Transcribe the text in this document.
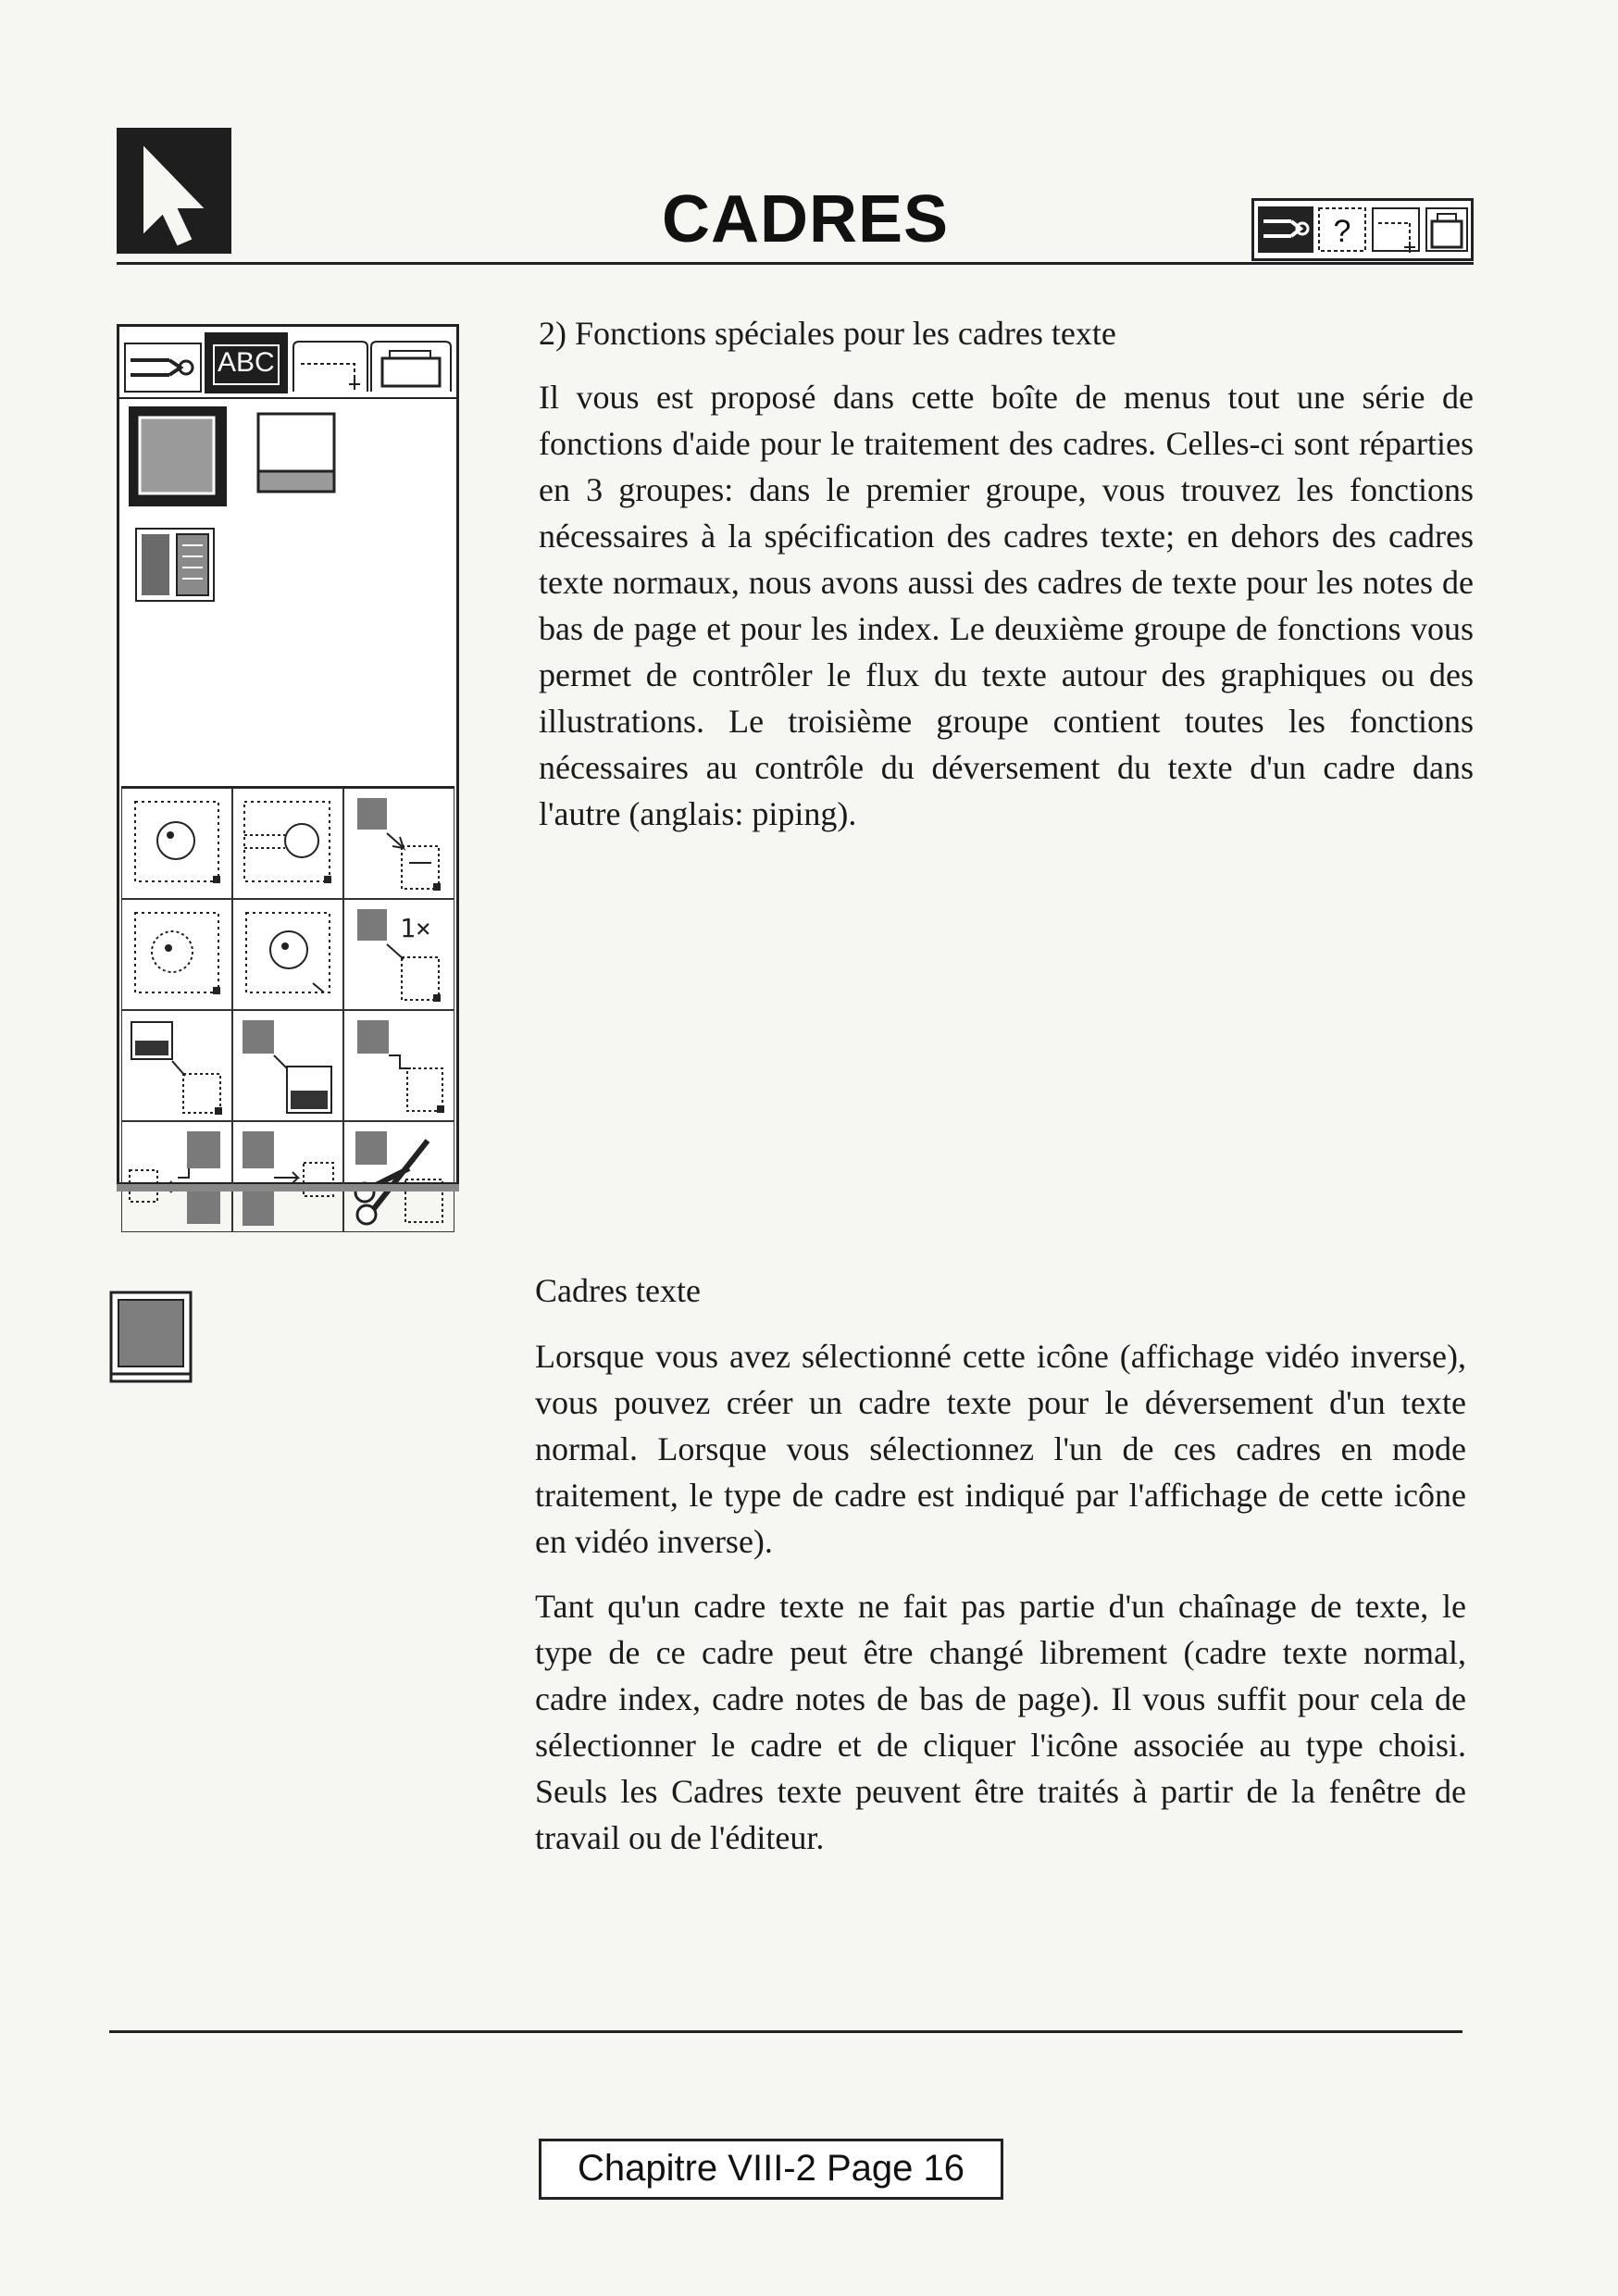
CADRES	?
ABC
1×
2) Fonctions spéciales pour les cadres texte
Il vous est proposé dans cette boîte de menus tout une série de fonctions d'aide pour le traitement des cadres. Celles-ci sont réparties en 3 groupes: dans le premier groupe, vous trouvez les fonctions nécessaires à la spécification des cadres texte; en dehors des cadres texte normaux, nous avons aussi des cadres de texte pour les notes de bas de page et pour les index. Le deuxième groupe de fonctions vous permet de contrôler le flux du texte autour des graphiques ou des illustrations. Le troisième groupe contient toutes les fonctions nécessaires au contrôle du déversement du texte d'un cadre dans l'autre (anglais: piping).
Cadres texte
Lorsque vous avez sélectionné cette icône (affichage vidéo inverse), vous pouvez créer un cadre texte pour le déversement d'un texte normal. Lorsque vous sélectionnez l'un de ces cadres en mode traitement, le type de cadre est indiqué par l'affichage de cette icône en vidéo inverse).
Tant qu'un cadre texte ne fait pas partie d'un chaînage de texte, le type de ce cadre peut être changé librement (cadre texte normal, cadre index, cadre notes de bas de page). Il vous suffit pour cela de sélectionner le cadre et de cliquer l'icône associée au type choisi. Seuls les Cadres texte peuvent être traités à partir de la fenêtre de travail ou de l'éditeur.
Chapitre VIII-2 Page 16
